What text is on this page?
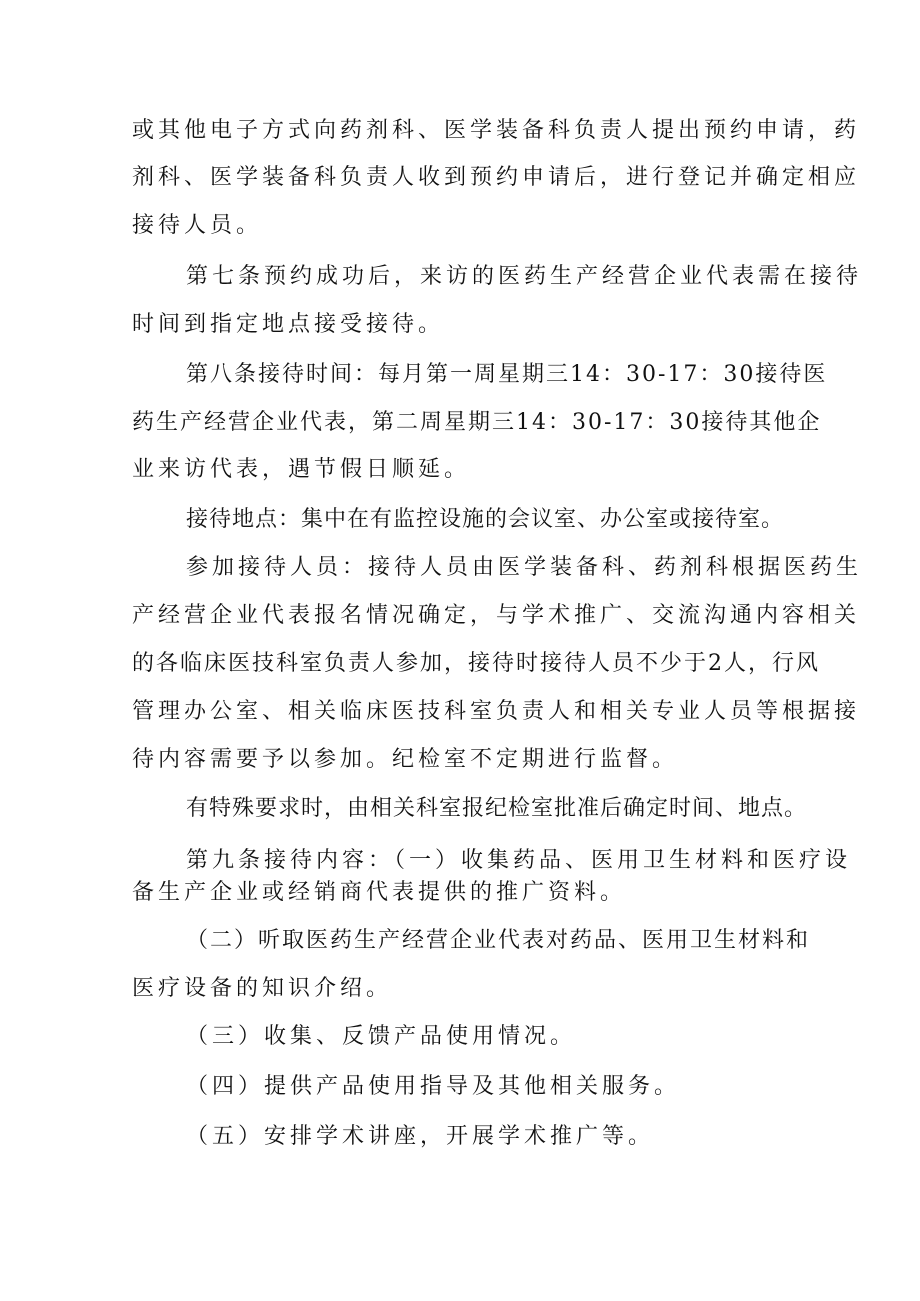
或其他电子方式向药剂科、医学装备科负责人提出预约申请，药
剂科、医学装备科负责人收到预约申请后，进行登记并确定相应
接待人员。
第七条预约成功后，来访的医药生产经营企业代表需在接待
时间到指定地点接受接待。
第八条接待时间：每月第一周星期三14：30-17：30接待医
药生产经营企业代表，第二周星期三14：30-17：30接待其他企
业来访代表，遇节假日顺延。
接待地点：集中在有监控设施的会议室、办公室或接待室。
参加接待人员：接待人员由医学装备科、药剂科根据医药生
产经营企业代表报名情况确定，与学术推广、交流沟通内容相关
的各临床医技科室负责人参加，接待时接待人员不少于2人，行风
管理办公室、相关临床医技科室负责人和相关专业人员等根据接
待内容需要予以参加。纪检室不定期进行监督。
有特殊要求时，由相关科室报纪检室批准后确定时间、地点。
第九条接待内容：（一）收集药品、医用卫生材料和医疗设
备生产企业或经销商代表提供的推广资料。
（二）听取医药生产经营企业代表对药品、医用卫生材料和
医疗设备的知识介绍。
（三）收集、反馈产品使用情况。
（四）提供产品使用指导及其他相关服务。
（五）安排学术讲座，开展学术推广等。
